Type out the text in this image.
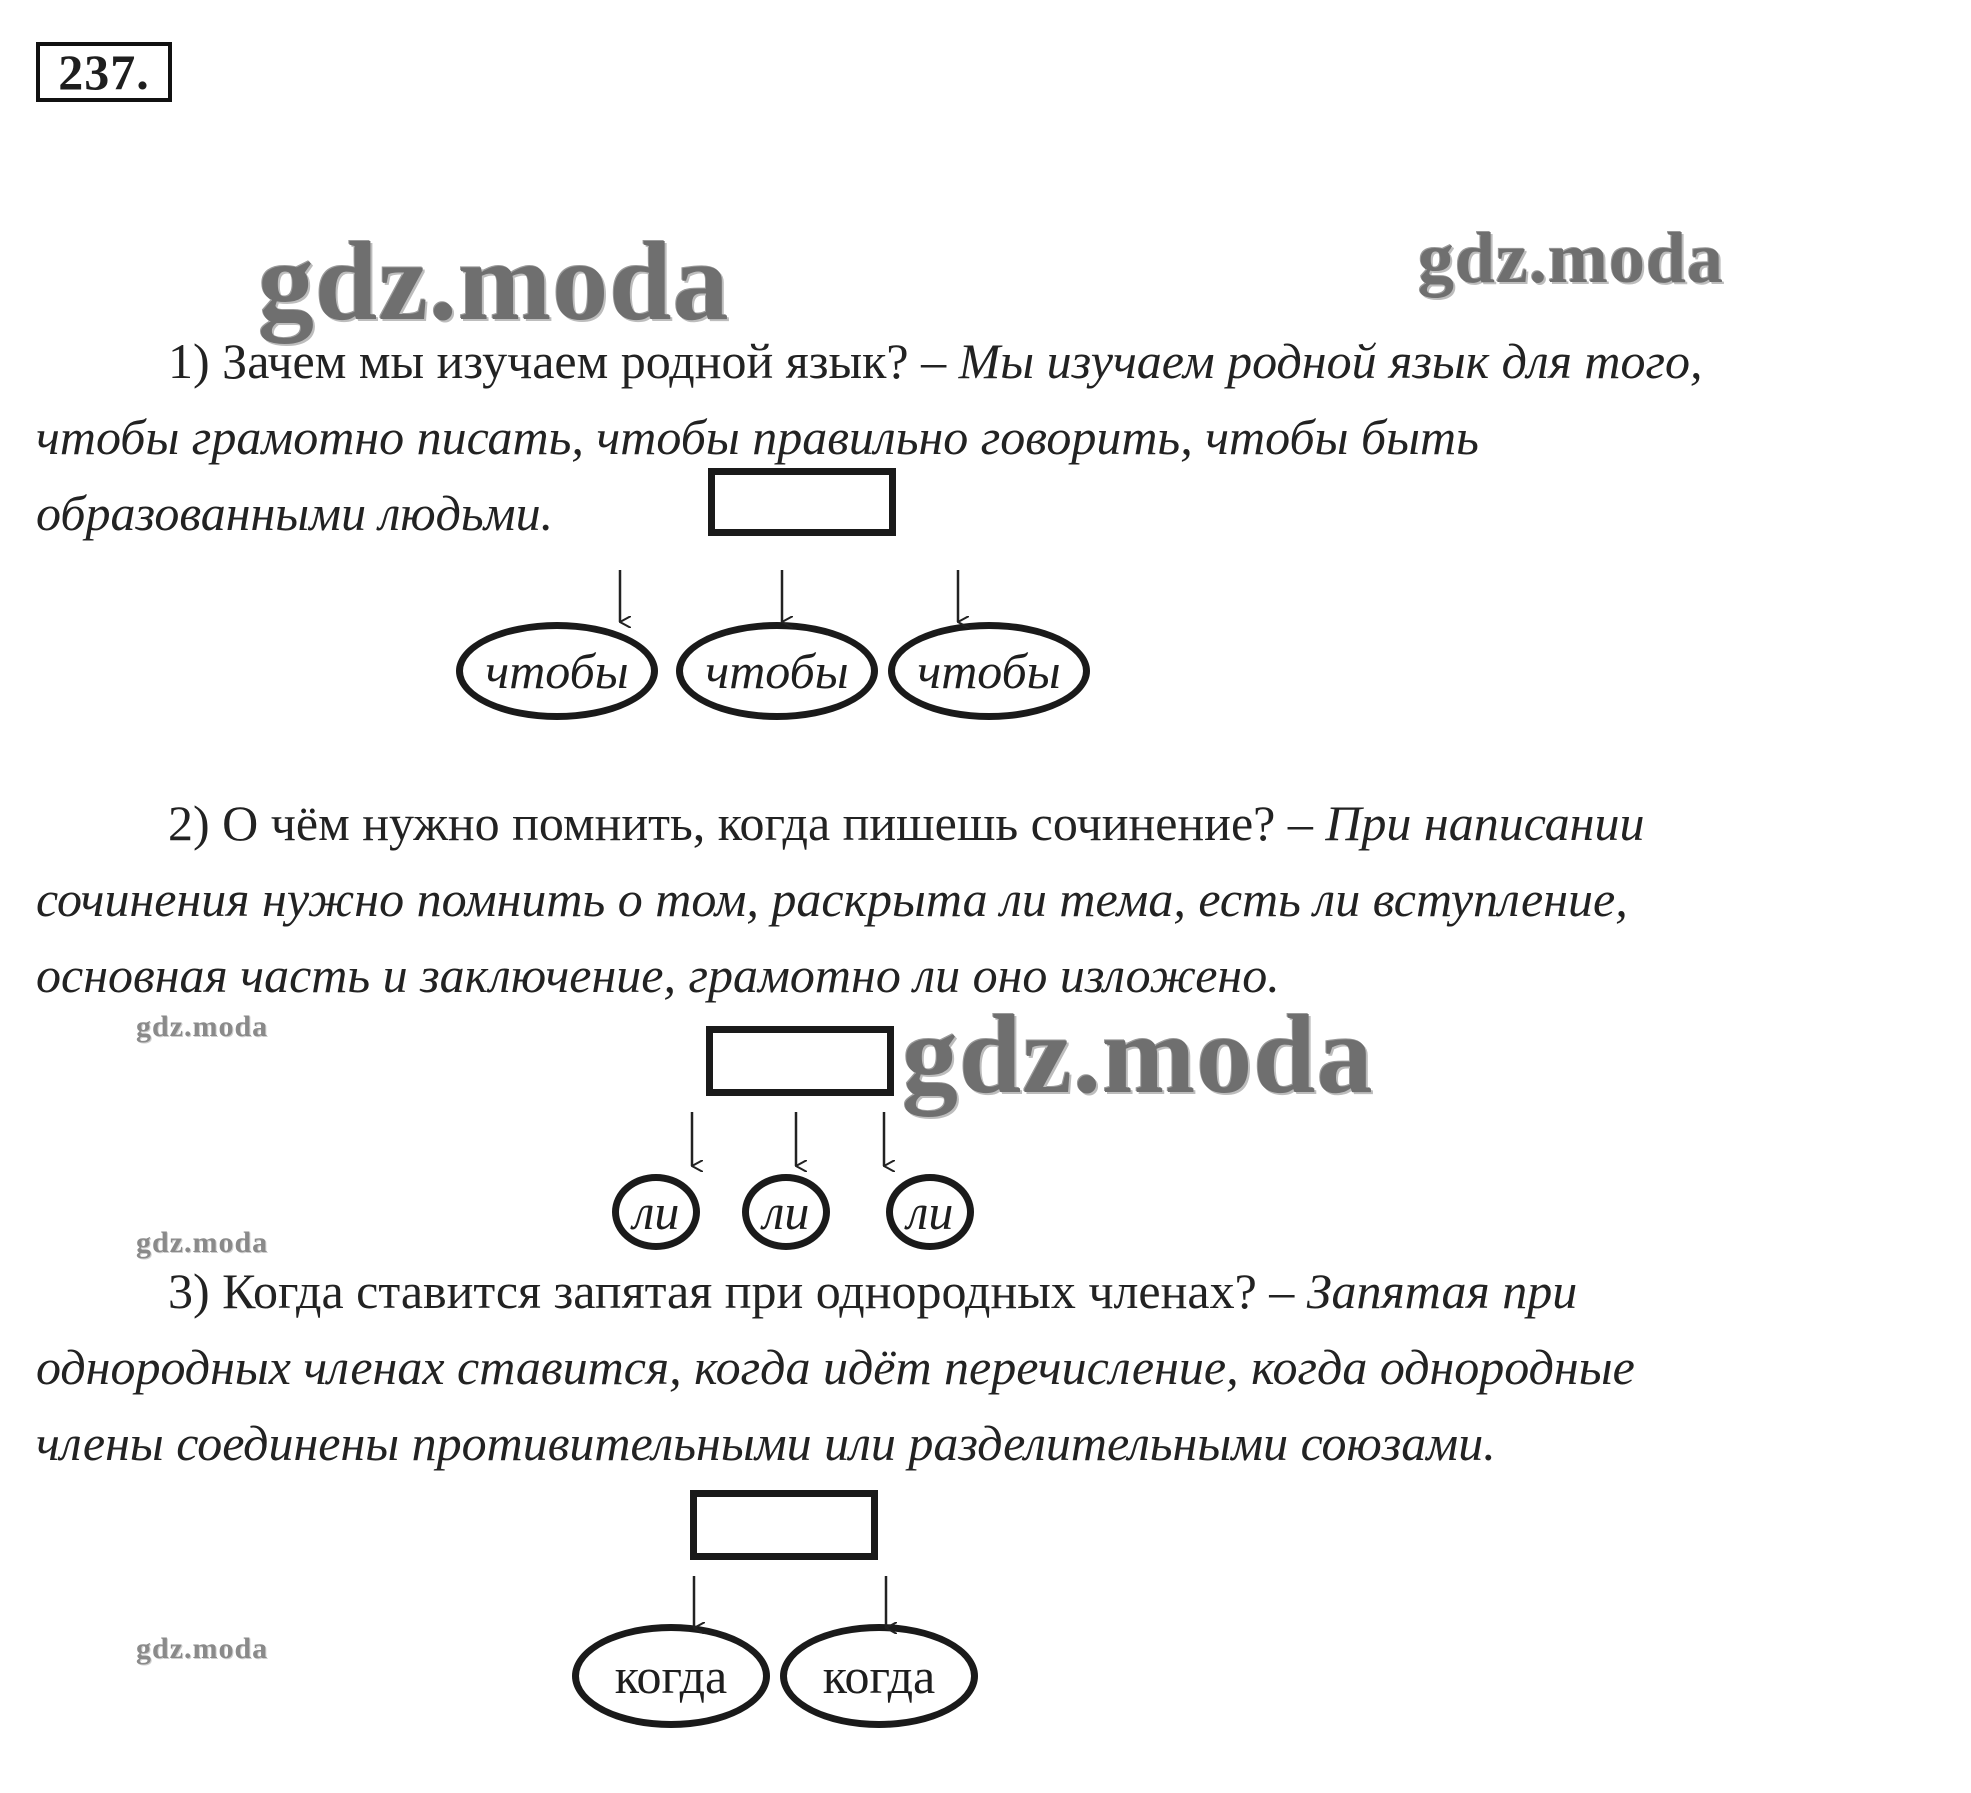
237.
gdz.moda	gdz.moda
gdz.moda
gdz.moda
gdz.moda
gdz.moda
1) Зачем мы изучаем родной язык? – Мы изучаем родной язык для того,
чтобы грамотно писать, чтобы правильно говорить, чтобы быть
образованными людьми.
чтобы	чтобы	чтобы
2) О чём нужно помнить, когда пишешь сочинение? – При написании
сочинения нужно помнить о том, раскрыта ли тема, есть ли вступление,
основная часть и заключение, грамотно ли оно изложено.
ли	ли	ли
3) Когда ставится запятая при однородных членах? – Запятая при
однородных членах ставится, когда идёт перечисление, когда однородные
члены соединены противительными или разделительными союзами.
когда	когда
